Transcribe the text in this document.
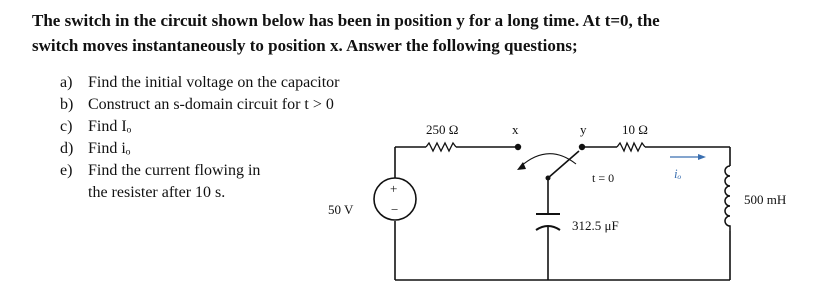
The switch in the circuit shown below has been in position y for a long time. At t=0, the
switch moves instantaneously to position x. Answer the following questions;
a) Find the initial voltage on the capacitor
b) Construct an s-domain circuit for t > 0
c) Find Iₒ
d) Find iₒ
e) Find the current flowing in
the resister after 10 s.
250 Ω	10 Ω
x	y
t = 0	iₒ
+
−
50 V
312.5 μF
500 mH
